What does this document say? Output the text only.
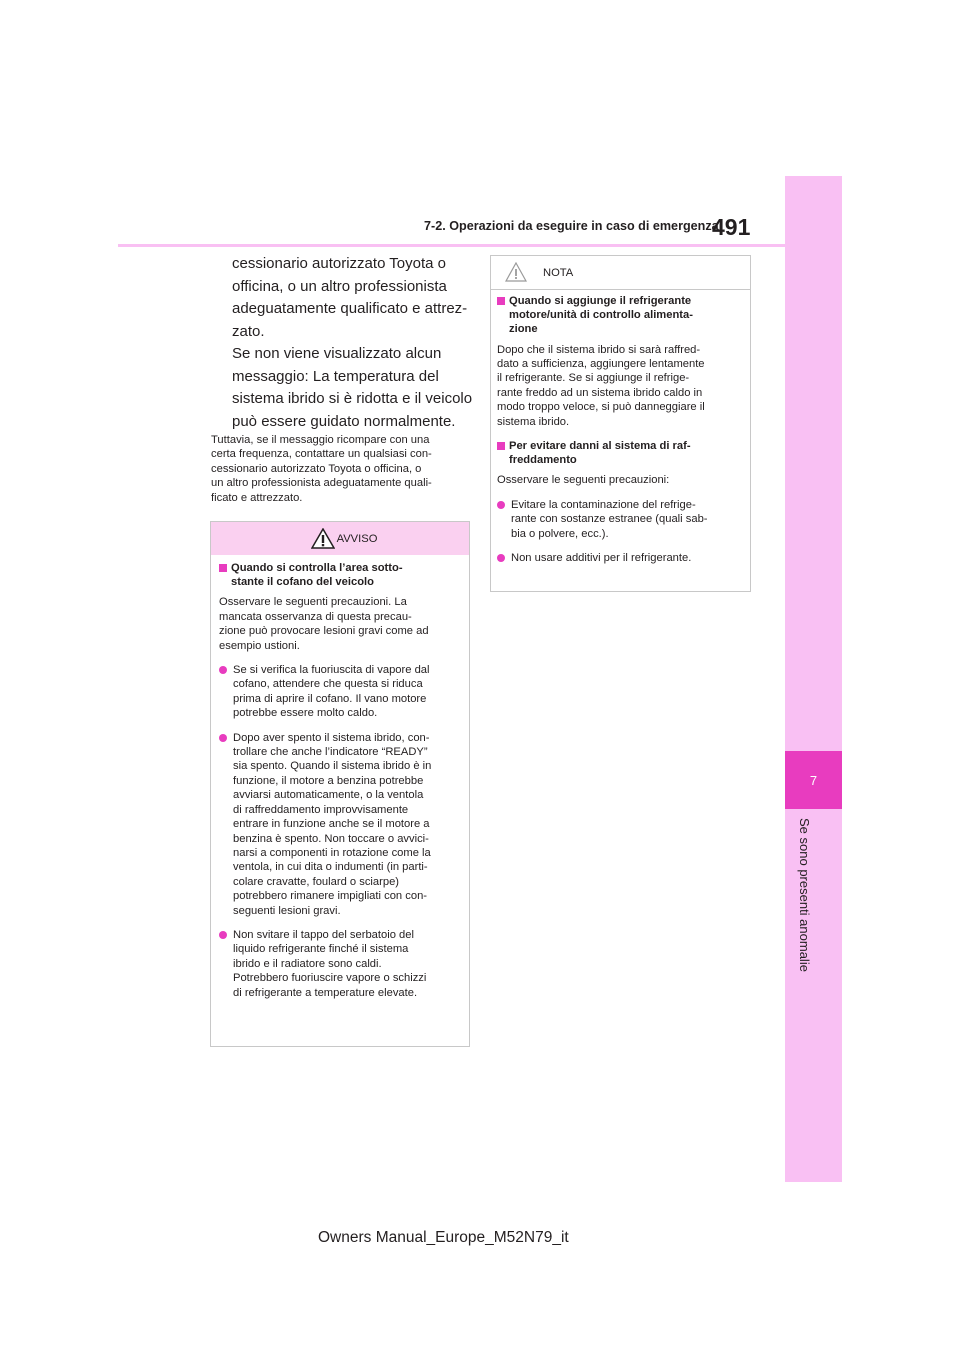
7
Se sono presenti anomalie
7-2. Operazioni da eseguire in caso di emergenza
491
cessionario autorizzato Toyota o
officina, o un altro professionista
adeguatamente qualificato e attrez-
zato.
Se non viene visualizzato alcun
messaggio: La temperatura del
sistema ibrido si è ridotta e il veicolo
può essere guidato normalmente.
Tuttavia, se il messaggio ricompare con una
certa frequenza, contattare un qualsiasi con-
cessionario autorizzato Toyota o officina, o
un altro professionista adeguatamente quali-
ficato e attrezzato.
AVVISO
Quando si controlla l’area sotto-
stante il cofano del veicolo
Osservare le seguenti precauzioni. La
mancata osservanza di questa precau-
zione può provocare lesioni gravi come ad
esempio ustioni.
Se si verifica la fuoriuscita di vapore dal
cofano, attendere che questa si riduca
prima di aprire il cofano. Il vano motore
potrebbe essere molto caldo.
Dopo aver spento il sistema ibrido, con-
trollare che anche l’indicatore “READY”
sia spento. Quando il sistema ibrido è in
funzione, il motore a benzina potrebbe
avviarsi automaticamente, o la ventola
di raffreddamento improvvisamente
entrare in funzione anche se il motore a
benzina è spento. Non toccare o avvici-
narsi a componenti in rotazione come la
ventola, in cui dita o indumenti (in parti-
colare cravatte, foulard o sciarpe)
potrebbero rimanere impigliati con con-
seguenti lesioni gravi.
Non svitare il tappo del serbatoio del
liquido refrigerante finché il sistema
ibrido e il radiatore sono caldi.
Potrebbero fuoriuscire vapore o schizzi
di refrigerante a temperature elevate.
NOTA
Quando si aggiunge il refrigerante
motore/unità di controllo alimenta-
zione
Dopo che il sistema ibrido si sarà raffred-
dato a sufficienza, aggiungere lentamente
il refrigerante. Se si aggiunge il refrige-
rante freddo ad un sistema ibrido caldo in
modo troppo veloce, si può danneggiare il
sistema ibrido.
Per evitare danni al sistema di raf-
freddamento
Osservare le seguenti precauzioni:
Evitare la contaminazione del refrige-
rante con sostanze estranee (quali sab-
bia o polvere, ecc.).
Non usare additivi per il refrigerante.
Owners Manual_Europe_M52N79_it
